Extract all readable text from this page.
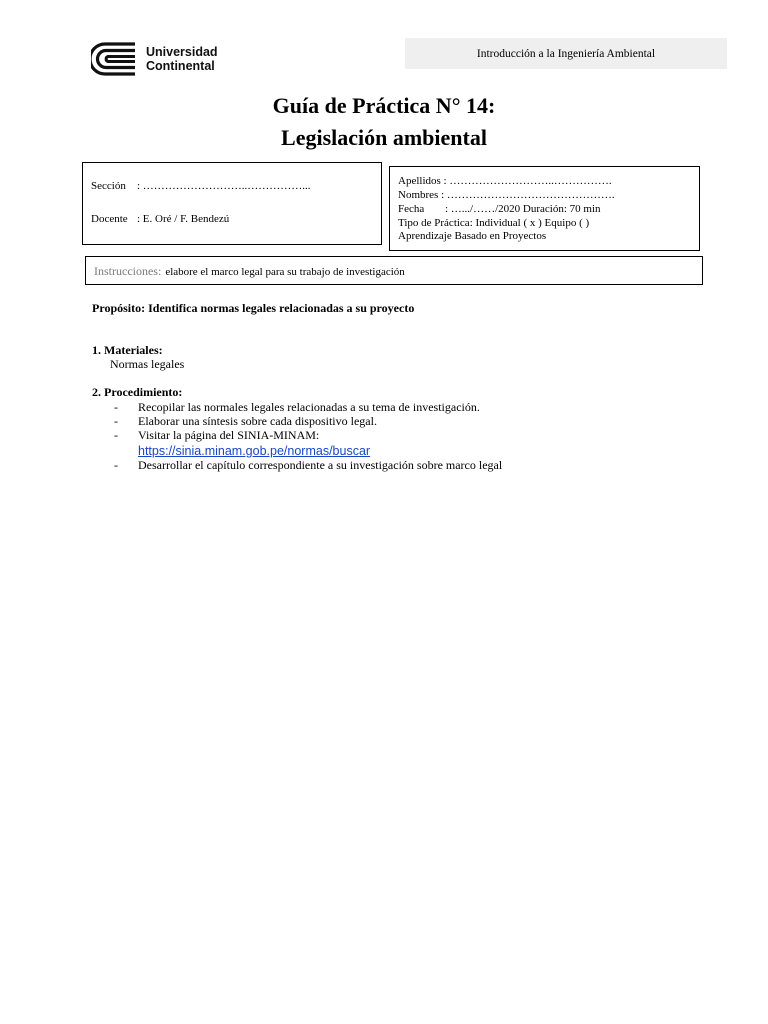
Universidad
Continental
Introducción a la Ingeniería Ambiental
Guía de Práctica N° 14:
Legislación ambiental
Sección : ………………………..……………...
Docente : E. Oré / F. Bendezú
Apellidos : ………………………..…………….
Nombres : ……………………………………….
Fecha : ….../……/2020 Duración: 70 min
Tipo de Práctica: Individual ( x ) Equipo ( )
Aprendizaje Basado en Proyectos
Instrucciones: elabore el marco legal para su trabajo de investigación
Propósito: Identifica normas legales relacionadas a su proyecto
1. Materiales:
Normas legales
2. Procedimiento:
- Recopilar las normales legales relacionadas a su tema de investigación.
- Elaborar una síntesis sobre cada dispositivo legal.
- Visitar la página del SINIA-MINAM:
https://sinia.minam.gob.pe/normas/buscar
- Desarrollar el capítulo correspondiente a su investigación sobre marco legal
